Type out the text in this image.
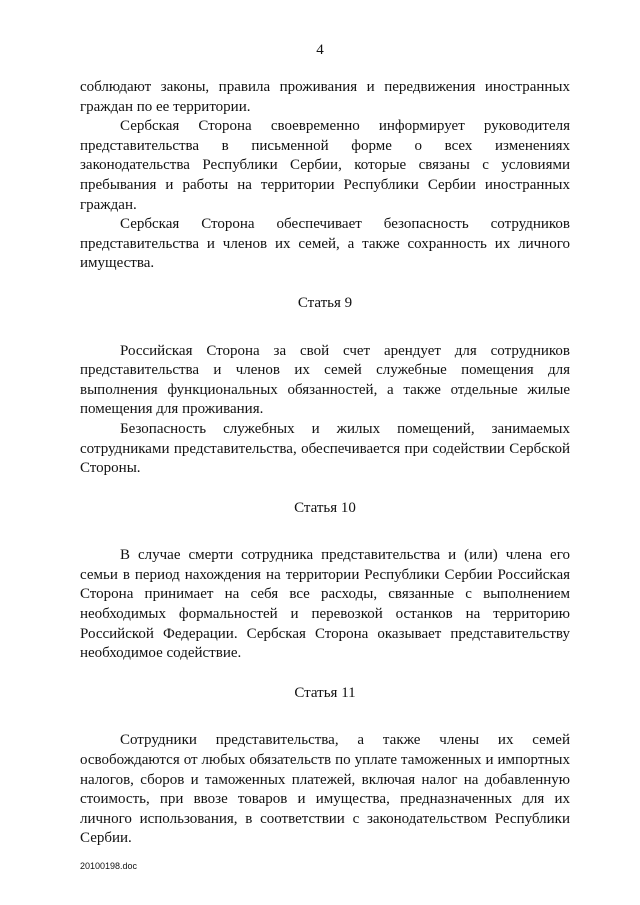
4

соблюдают законы, правила проживания и передвижения иностранных граждан по ее территории.

Сербская Сторона своевременно информирует руководителя представительства в письменной форме о всех изменениях законодательства Республики Сербии, которые связаны с условиями пребывания и работы на территории Республики Сербии иностранных граждан.

Сербская Сторона обеспечивает безопасность сотрудников представительства и членов их семей, а также сохранность их личного имущества.

Статья 9

Российская Сторона за свой счет арендует для сотрудников представительства и членов их семей служебные помещения для выполнения функциональных обязанностей, а также отдельные жилые помещения для проживания.

Безопасность служебных и жилых помещений, занимаемых сотрудниками представительства, обеспечивается при содействии Сербской Стороны.

Статья 10

В случае смерти сотрудника представительства и (или) члена его семьи в период нахождения на территории Республики Сербии Российская Сторона принимает на себя все расходы, связанные с выполнением необходимых формальностей и перевозкой останков на территорию Российской Федерации. Сербская Сторона оказывает представительству необходимое содействие.

Статья 11

Сотрудники представительства, а также члены их семей освобождаются от любых обязательств по уплате таможенных и импортных налогов, сборов и таможенных платежей, включая налог на добавленную стоимость, при ввозе товаров и имущества, предназначенных для их личного использования, в соответствии с законодательством Республики Сербии.

20100198.doc
